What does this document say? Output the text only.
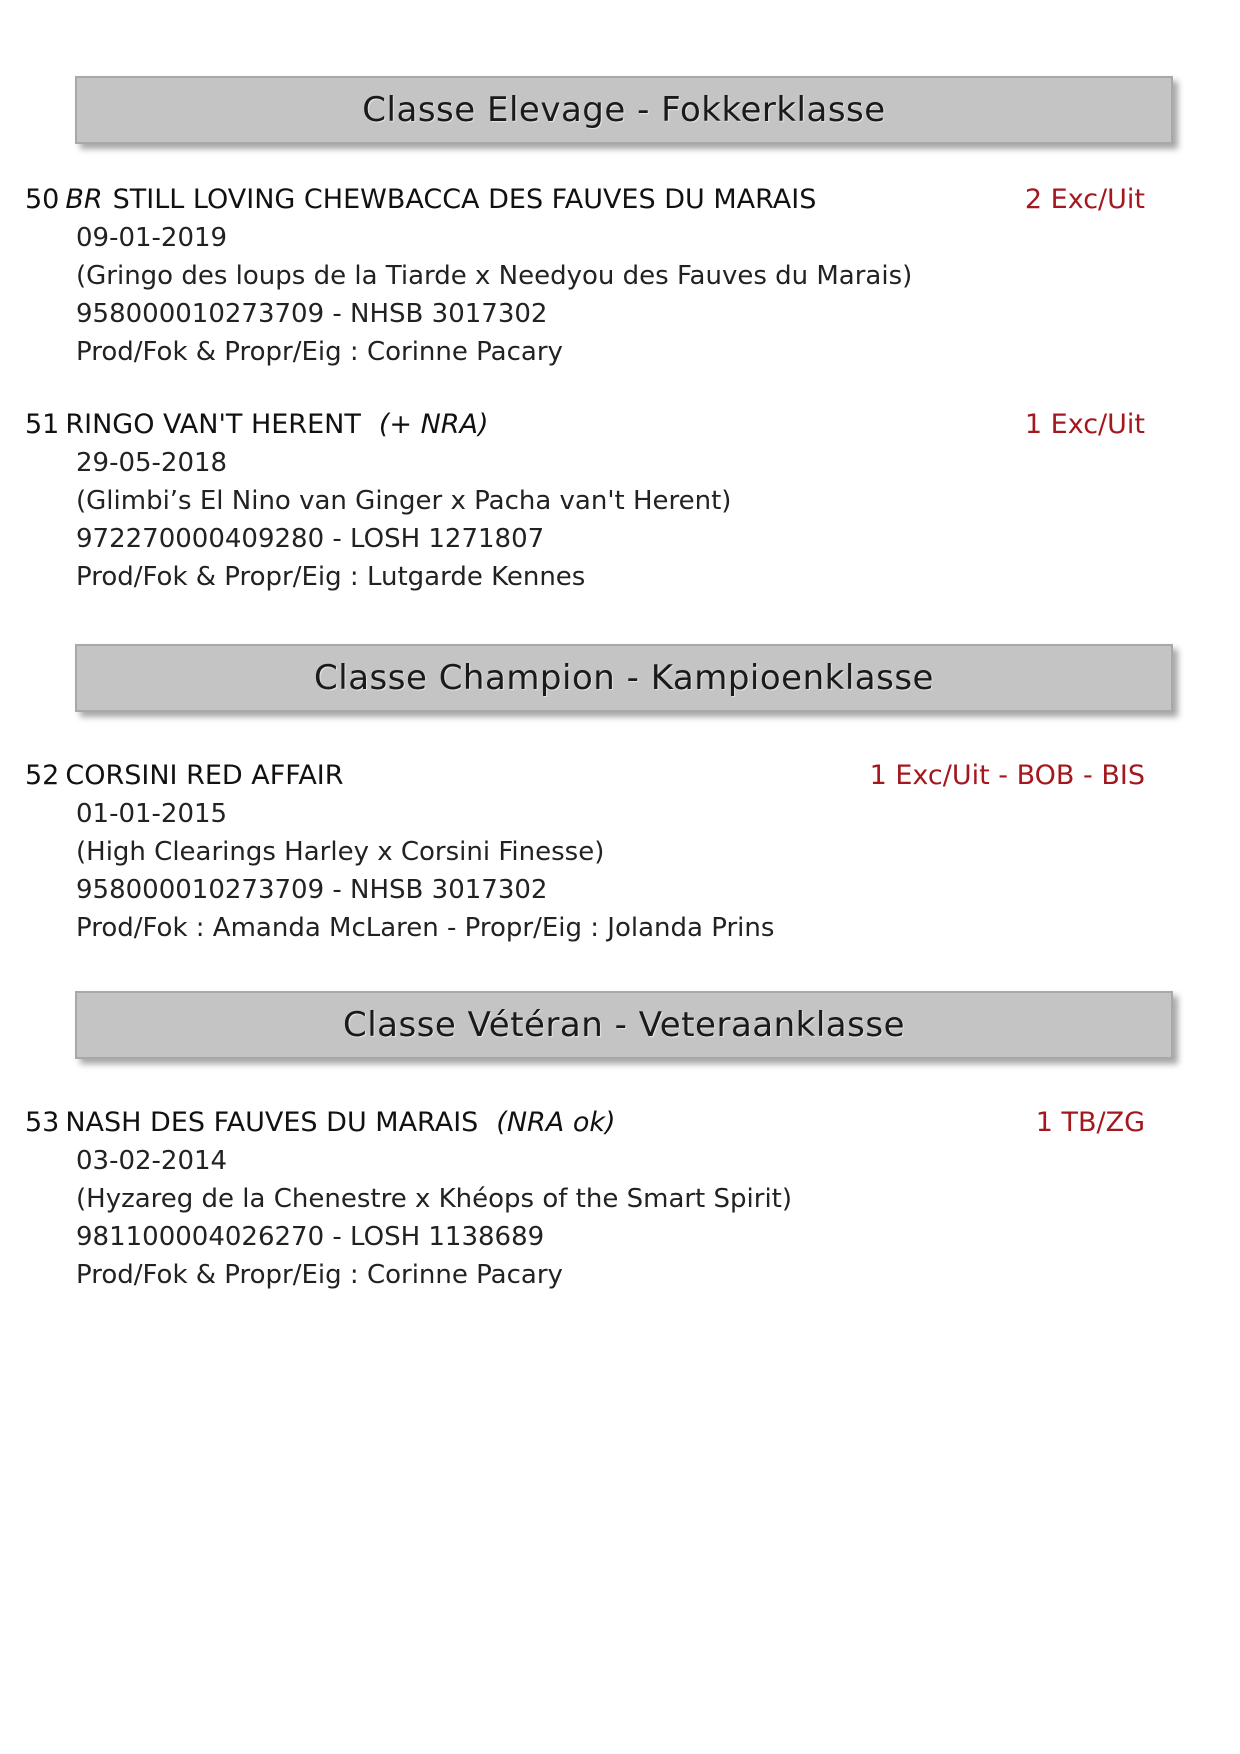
Classe Elevage - Fokkerklasse
50 BR STILL LOVING CHEWBACCA DES FAUVES DU MARAIS	2 Exc/Uit
09-01-2019
(Gringo des loups de la Tiarde x Needyou des Fauves du Marais)
958000010273709 - NHSB 3017302
Prod/Fok & Propr/Eig : Corinne Pacary
51 RINGO VAN'T HERENT (+ NRA)	1 Exc/Uit
29-05-2018
(Glimbi’s El Nino van Ginger x Pacha van't Herent)
972270000409280 - LOSH 1271807
Prod/Fok & Propr/Eig : Lutgarde Kennes
Classe Champion - Kampioenklasse
52 CORSINI RED AFFAIR	1 Exc/Uit - BOB - BIS
01-01-2015
(High Clearings Harley x Corsini Finesse)
958000010273709 - NHSB 3017302
Prod/Fok : Amanda McLaren - Propr/Eig : Jolanda Prins
Classe Vétéran - Veteraanklasse
53 NASH DES FAUVES DU MARAIS (NRA ok)	1 TB/ZG
03-02-2014
(Hyzareg de la Chenestre x Khéops of the Smart Spirit)
981100004026270 - LOSH 1138689
Prod/Fok & Propr/Eig : Corinne Pacary
